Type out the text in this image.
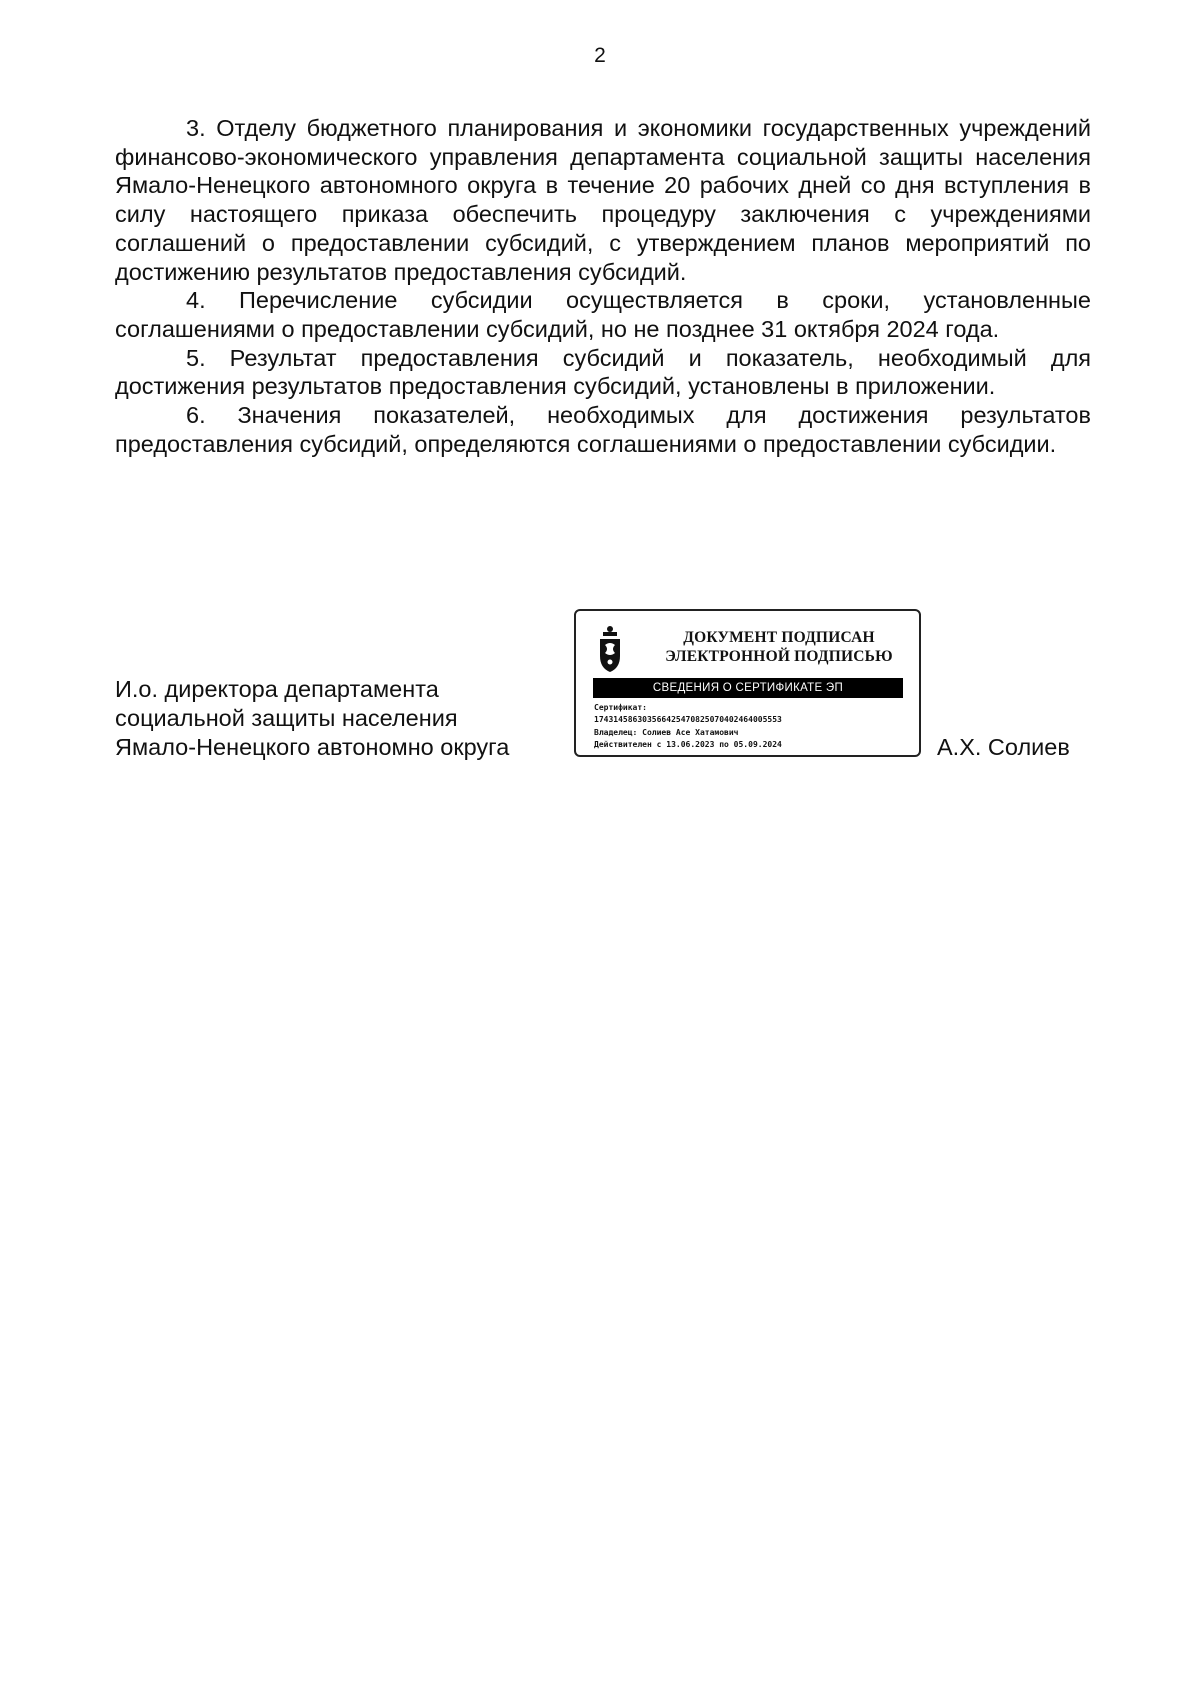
2

3. Отделу бюджетного планирования и экономики государственных учреждений финансово-экономического управления департамента социальной защиты населения Ямало-Ненецкого автономного округа в течение 20 рабочих дней со дня вступления в силу настоящего приказа обеспечить процедуру заключения с учреждениями соглашений о предоставлении субсидий, с утверждением планов мероприятий по достижению результатов предоставления субсидий.

4. Перечисление субсидии осуществляется в сроки, установленные соглашениями о предоставлении субсидий, но не позднее 31 октября 2024 года.

5. Результат предоставления субсидий и показатель, необходимый для достижения результатов предоставления субсидий, установлены в приложении.

6. Значения показателей, необходимых для достижения результатов предоставления субсидий, определяются соглашениями о предоставлении субсидии.

И.о. директора департамента
социальной защиты населения
Ямало-Ненецкого автономно округа
ДОКУМЕНТ ПОДПИСАН
ЭЛЕКТРОННОЙ ПОДПИСЬЮ
СВЕДЕНИЯ О СЕРТИФИКАТЕ ЭП
Сертификат:
174314586303566425470825070402464005553
Владелец: Солиев Асе Хатамович
Действителен с 13.06.2023 по 05.09.2024	А.Х. Солиев
